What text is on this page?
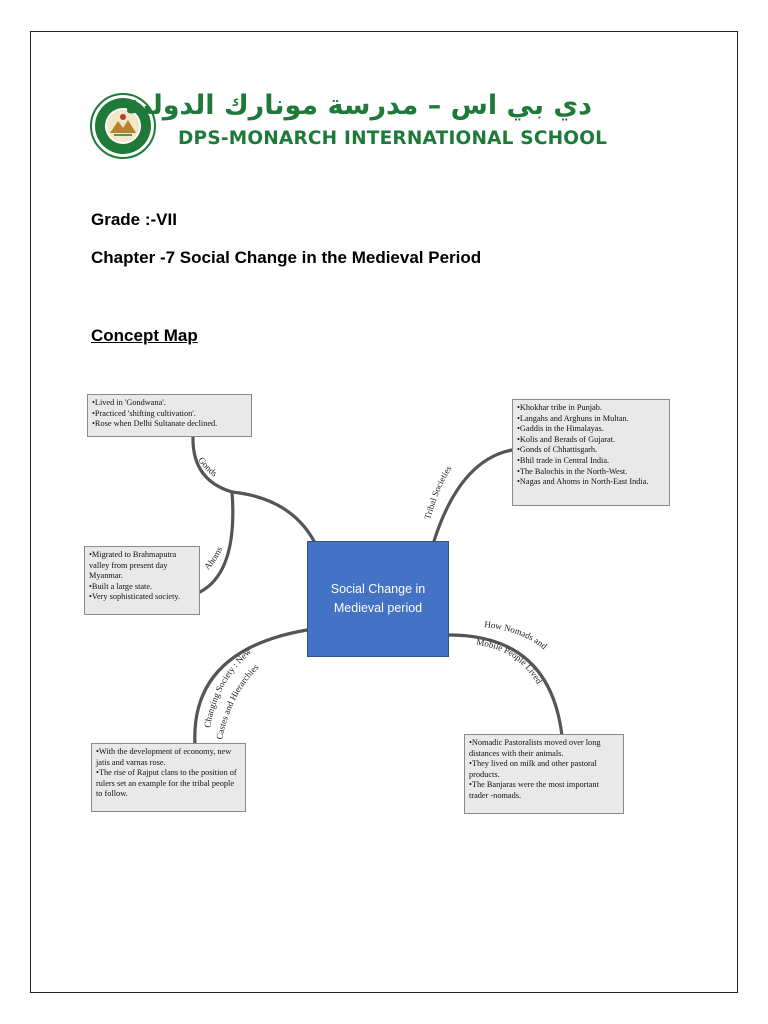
دي بي اس – مدرسة مونارك الدولية
DPS-MONARCH INTERNATIONAL SCHOOL
Grade :-VII
Chapter -7 Social Change in the Medieval Period
Concept Map
Gonds
Ahoms
Tribal Societies
Changing Society : New
Castes and Hierarchies
How Nomads and
Mobile People Lived
Social Change in Medieval period
• Lived in 'Gondwana'.
• Practiced 'shifting cultivation'.
• Rose when Delhi Sultanate declined.
• Migrated to Brahmaputra valley from present day Myanmar.
• Built a large state.
• Very sophisticated society.
• Khokhar tribe in Punjab.
• Langahs and Arghuns in Multan.
• Gaddis in the Himalayas.
• Kolis and Berads of Gujarat.
• Gonds of Chhattisgarh.
• Bhil trade in Central India.
• The Balochis in the North-West.
• Nagas and Ahoms in North-East India.
• With the development of economy, new jatis and varnas rose.
• The rise of Rajput clans to the position of rulers set an example for the tribal people to follow.
• Nomadic Pastoralists moved over long distances with their animals.
• They lived on milk and other pastoral products.
• The Banjaras were the most important trader -nomads.
